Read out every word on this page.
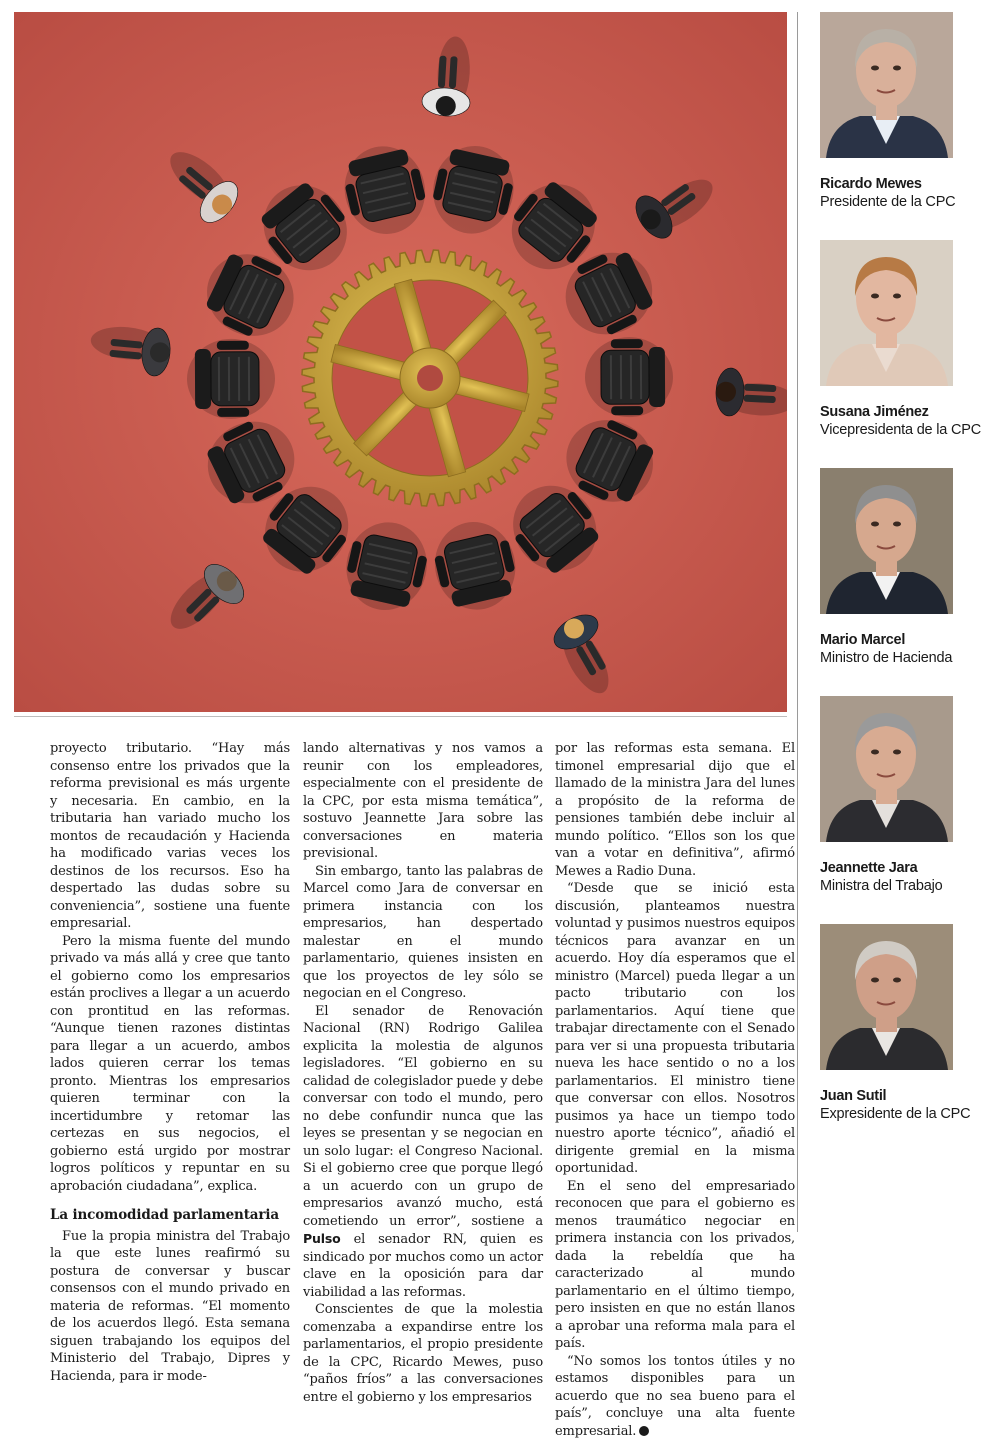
proyecto tributario. “Hay más consenso entre los privados que la reforma previsional es más urgente y necesaria. En cambio, en la tributaria han variado mucho los montos de recaudación y Hacienda ha modificado varias veces los destinos de los recursos. Eso ha despertado las dudas sobre su conveniencia”, sostiene una fuente empresarial.

Pero la misma fuente del mundo privado va más allá y cree que tanto el gobierno como los empresarios están proclives a llegar a un acuerdo con prontitud en las reformas. “Aunque tienen razones distintas para llegar a un acuerdo, ambos lados quieren cerrar los temas pronto. Mientras los empresarios quieren terminar con la incertidumbre y retomar las certezas en sus negocios, el gobierno está urgido por mostrar logros políticos y repuntar en su aprobación ciudadana”, explica.

La incomodidad parlamentaria

Fue la propia ministra del Trabajo la que este lunes reafirmó su postura de conversar y buscar consensos con el mundo privado en materia de reformas. “El momento de los acuerdos llegó. Esta semana siguen trabajando los equipos del Ministerio del Trabajo, Dipres y Hacienda, para ir mode-

lando alternativas y nos vamos a reunir con los empleadores, especialmente con el presidente de la CPC, por esta misma temática”, sostuvo Jeannette Jara sobre las conversaciones en materia previsional.

Sin embargo, tanto las palabras de Marcel como Jara de conversar en primera instancia con los empresarios, han despertado malestar en el mundo parlamentario, quienes insisten en que los proyectos de ley sólo se negocian en el Congreso.

El senador de Renovación Nacional (RN) Rodrigo Galilea explicita la molestia de algunos legisladores. “El gobierno en su calidad de colegislador puede y debe conversar con todo el mundo, pero no debe confundir nunca que las leyes se presentan y se negocian en un solo lugar: el Congreso Nacional. Si el gobierno cree que porque llegó a un acuerdo con un grupo de empresarios avanzó mucho, está cometiendo un error”, sostiene a Pulso el senador RN, quien es sindicado por muchos como un actor clave en la oposición para dar viabilidad a las reformas.

Conscientes de que la molestia comenzaba a expandirse entre los parlamentarios, el propio presidente de la CPC, Ricardo Mewes, puso “paños fríos” a las conversaciones entre el gobierno y los empresarios

por las reformas esta semana. El timonel empresarial dijo que el llamado de la ministra Jara del lunes a propósito de la reforma de pensiones también debe incluir al mundo político. “Ellos son los que van a votar en definitiva”, afirmó Mewes a Radio Duna.

“Desde que se inició esta discusión, planteamos nuestra voluntad y pusimos nuestros equipos técnicos para avanzar en un acuerdo. Hoy día esperamos que el ministro (Marcel) pueda llegar a un pacto tributario con los parlamentarios. Aquí tiene que trabajar directamente con el Senado para ver si una propuesta tributaria nueva les hace sentido o no a los parlamentarios. El ministro tiene que conversar con ellos. Nosotros pusimos ya hace un tiempo todo nuestro aporte técnico”, añadió el dirigente gremial en la misma oportunidad.

En el seno del empresariado reconocen que para el gobierno es menos traumático negociar en primera instancia con los privados, dada la rebeldía que ha caracterizado al mundo parlamentario en el último tiempo, pero insisten en que no están llanos a aprobar una reforma mala para el país.

“No somos los tontos útiles y no estamos disponibles para un acuerdo que no sea bueno para el país”, concluye una alta fuente empresarial.

Ricardo Mewes
Presidente de la CPC
Susana Jiménez
Vicepresidenta de la CPC
Mario Marcel
Ministro de Hacienda
Jeannette Jara
Ministra del Trabajo
Juan Sutil
Expresidente de la CPC
